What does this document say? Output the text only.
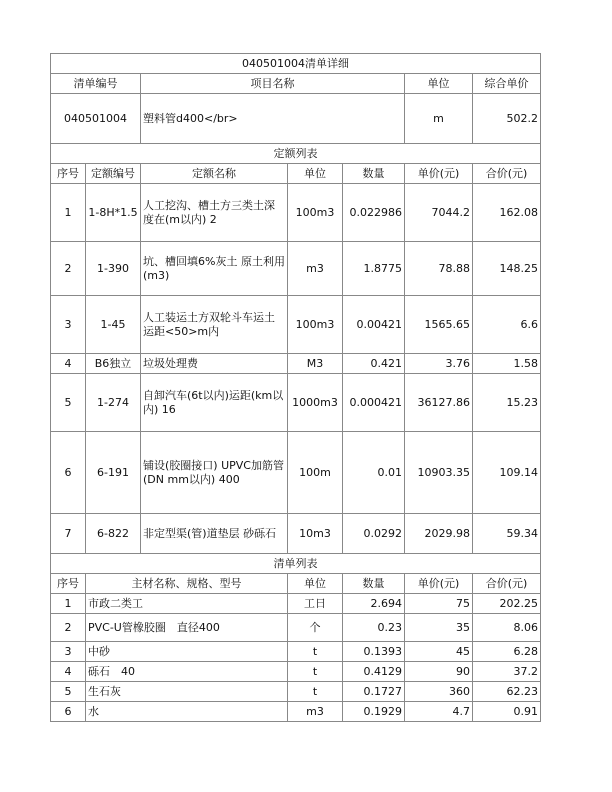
040501004清单详细						
清单编号		项目名称			单位	综合单价
040501004		塑料管d400</br>			m	502.2
定额列表						
序号	定额编号	定额名称	单位	数量	单价(元)	合价(元)
1	1-8H*1.5	人工挖沟、槽土方三类土深度在(m以内) 2	100m3	0.022986	7044.2	162.08
2	1-390	坑、槽回填6%灰土 原土利用(m3)	m3	1.8775	78.88	148.25
3	1-45	人工装运土方双轮斗车运土运距<50>m内	100m3	0.00421	1565.65	6.6
4	B6独立	垃圾处理费	M3	0.421	3.76	1.58
5	1-274	自卸汽车(6t以内)运距(km以内) 16	1000m3	0.000421	36127.86	15.23
6	6-191	铺设(胶圈接口) UPVC加筋管(DN mm以内) 400	100m	0.01	10903.35	109.14
7	6-822	非定型渠(管)道垫层 砂砾石	10m3	0.0292	2029.98	59.34
清单列表						
序号	主材名称、规格、型号		单位	数量	单价(元)	合价(元)
1	市政二类工		工日	2.694	75	202.25
2	PVC-U管橡胶圈　直径400		个	0.23	35	8.06
3	中砂		t	0.1393	45	6.28
4	砾石　40		t	0.4129	90	37.2
5	生石灰		t	0.1727	360	62.23
6	水		m3	0.1929	4.7	0.91
